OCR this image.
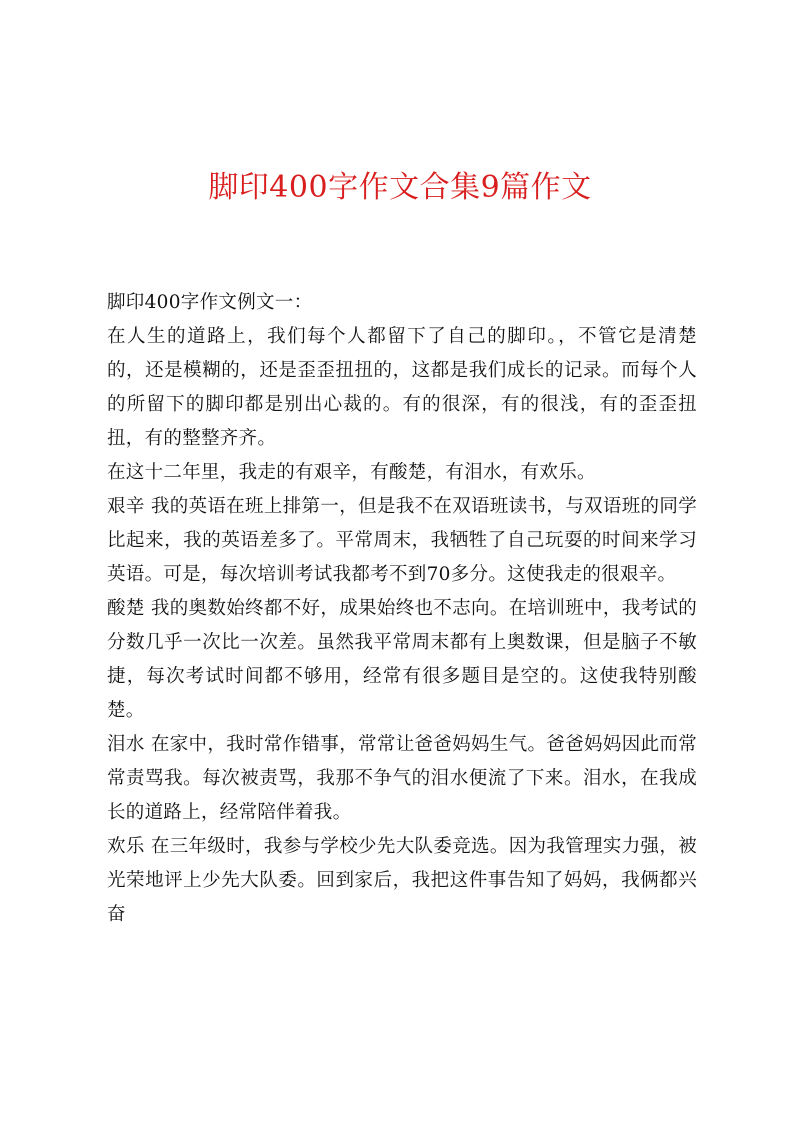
脚印400字作文合集9篇作文

脚印400字作文例文一：

在人生的道路上，我们每个人都留下了自己的脚印。，不管它是清楚的，还是模糊的，还是歪歪扭扭的，这都是我们成长的记录。而每个人的所留下的脚印都是别出心裁的。有的很深，有的很浅，有的歪歪扭扭，有的整整齐齐。

在这十二年里，我走的有艰辛，有酸楚，有泪水，有欢乐。

艰辛 我的英语在班上排第一，但是我不在双语班读书，与双语班的同学比起来，我的英语差多了。平常周末，我牺牲了自己玩耍的时间来学习英语。可是，每次培训考试我都考不到70多分。这使我走的很艰辛。

酸楚 我的奥数始终都不好，成果始终也不志向。在培训班中，我考试的分数几乎一次比一次差。虽然我平常周末都有上奥数课，但是脑子不敏捷，每次考试时间都不够用，经常有很多题目是空的。这使我特别酸楚。

泪水 在家中，我时常作错事，常常让爸爸妈妈生气。爸爸妈妈因此而常常责骂我。每次被责骂，我那不争气的泪水便流了下来。泪水，在我成长的道路上，经常陪伴着我。

欢乐 在三年级时，我参与学校少先大队委竞选。因为我管理实力强，被光荣地评上少先大队委。回到家后，我把这件事告知了妈妈，我俩都兴奋
